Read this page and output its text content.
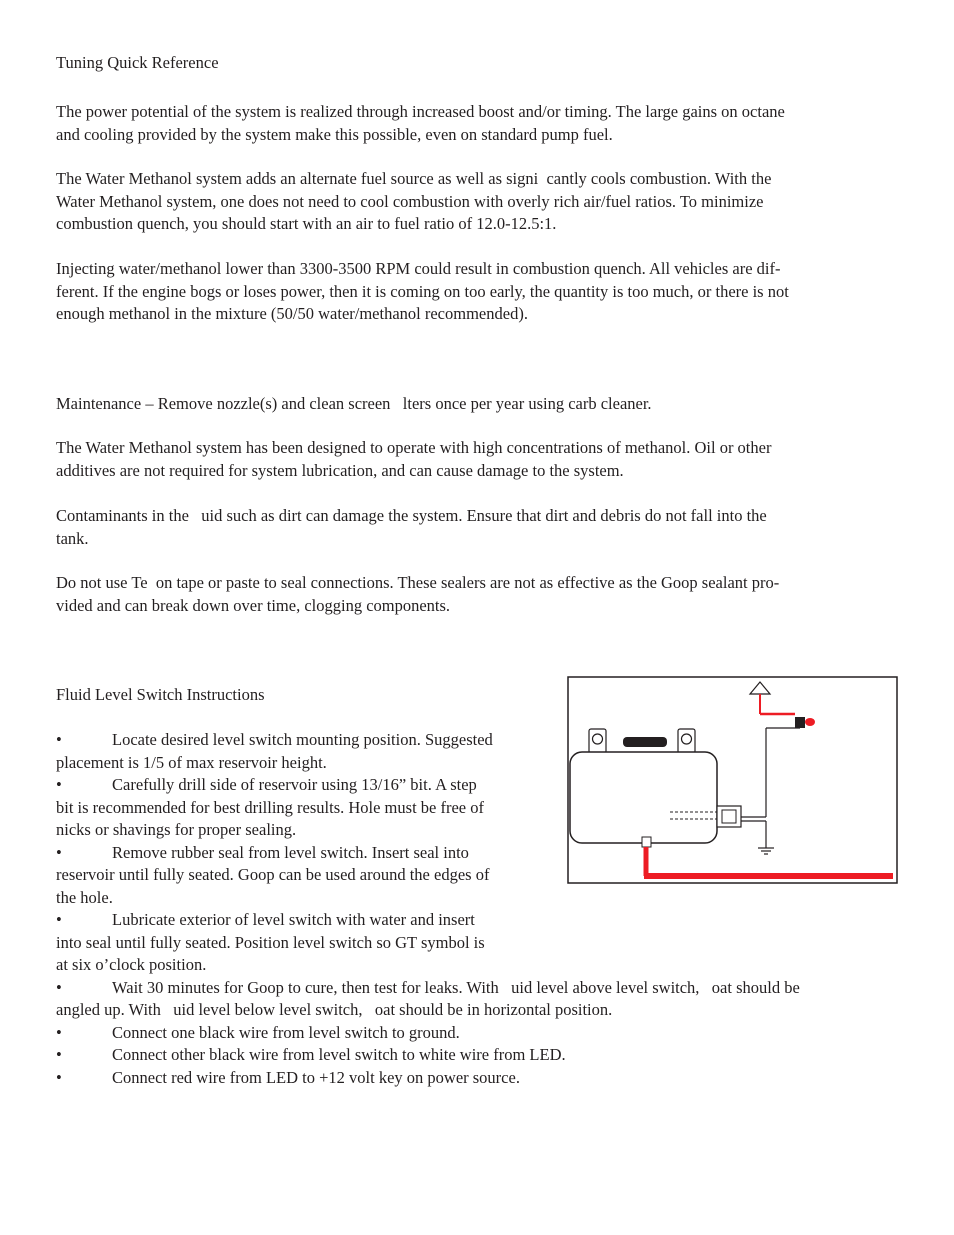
Tuning Quick Reference

The power potential of the system is realized through increased boost and/or timing. The large gains on octane
and cooling provided by the system make this possible, even on standard pump fuel.

The Water Methanol system adds an alternate fuel source as well as signi  cantly cools combustion. With the
Water Methanol system, one does not need to cool combustion with overly rich air/fuel ratios. To minimize
combustion quench, you should start with an air to fuel ratio of 12.0-12.5:1.

Injecting water/methanol lower than 3300-3500 RPM could result in combustion quench. All vehicles are dif-
ferent. If the engine bogs or loses power, then it is coming on too early, the quantity is too much, or there is not
enough methanol in the mixture (50/50 water/methanol recommended).

Maintenance – Remove nozzle(s) and clean screen   lters once per year using carb cleaner.

The Water Methanol system has been designed to operate with high concentrations of methanol. Oil or other
additives are not required for system lubrication, and can cause damage to the system.

Contaminants in the   uid such as dirt can damage the system. Ensure that dirt and debris do not fall into the
tank.

Do not use Te  on tape or paste to seal connections. These sealers are not as effective as the Goop sealant pro-
vided and can break down over time, clogging components.

Fluid Level Switch Instructions

•	Locate desired level switch mounting position. Suggested
placement is 1/5 of max reservoir height.
•	Carefully drill side of reservoir using 13/16” bit. A step
bit is recommended for best drilling results. Hole must be free of
nicks or shavings for proper sealing.
•	Remove rubber seal from level switch. Insert seal into
reservoir until fully seated. Goop can be used around the edges of
the hole.
•	Lubricate exterior of level switch with water and insert
into seal until fully seated. Position level switch so GT symbol is
at six o’clock position.
•	Wait 30 minutes for Goop to cure, then test for leaks. With   uid level above level switch,   oat should be
angled up. With   uid level below level switch,   oat should be in horizontal position.
•	Connect one black wire from level switch to ground.
•	Connect other black wire from level switch to white wire from LED.
•	Connect red wire from LED to +12 volt key on power source.
